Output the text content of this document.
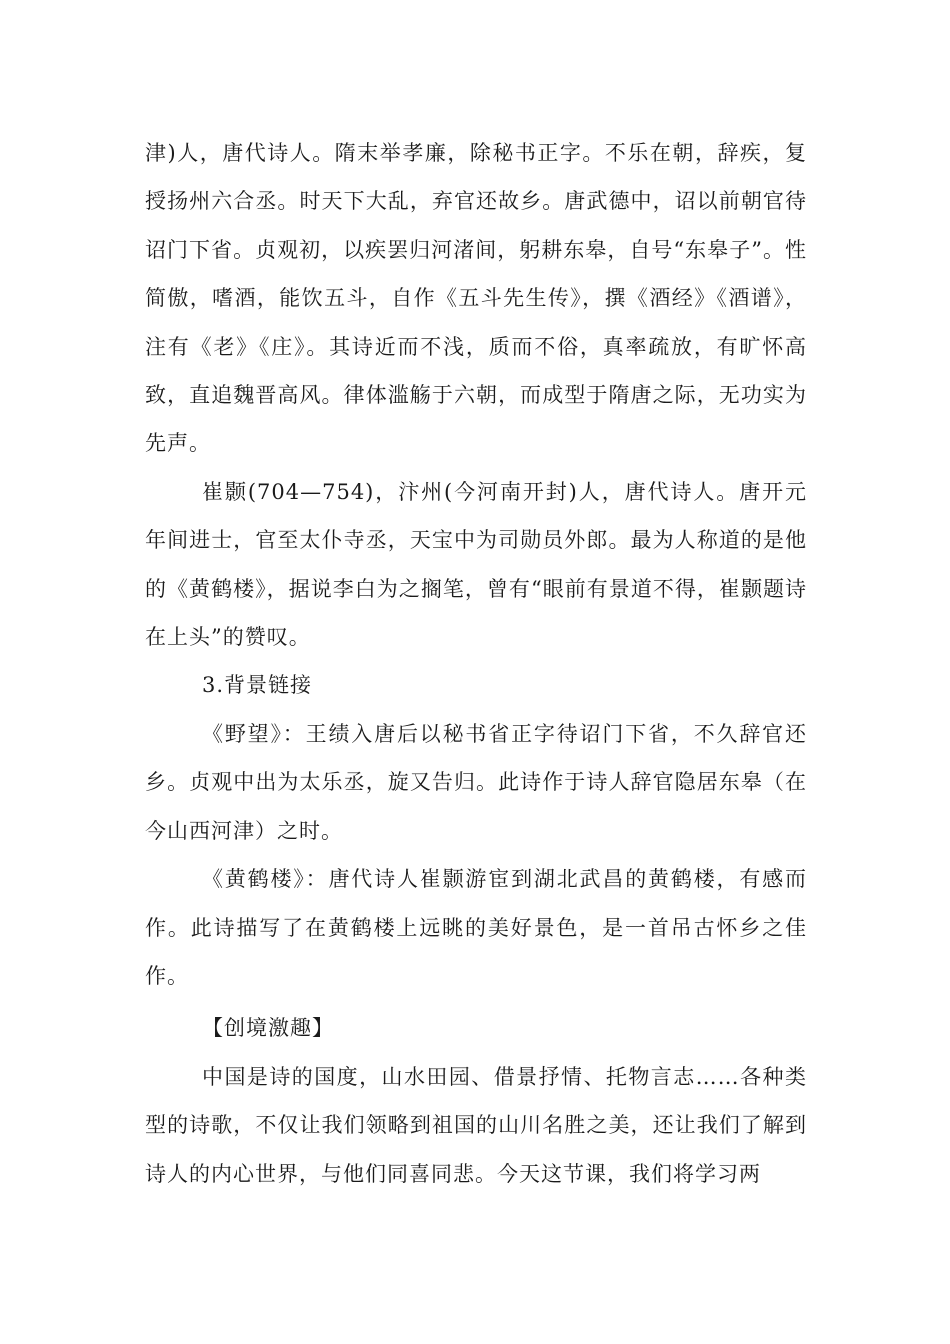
津)人，唐代诗人。隋末举孝廉，除秘书正字。不乐在朝，辞疾，复授扬州六合丞。时天下大乱，弃官还故乡。唐武德中，诏以前朝官待诏门下省。贞观初，以疾罢归河渚间，躬耕东皋，自号“东皋子”。性简傲，嗜酒，能饮五斗，自作《五斗先生传》，撰《酒经》《酒谱》，注有《老》《庄》。其诗近而不浅，质而不俗，真率疏放，有旷怀高致，直追魏晋高风。律体滥觞于六朝，而成型于隋唐之际，无功实为先声。

崔颢(704—754)，汴州(今河南开封)人，唐代诗人。唐开元年间进士，官至太仆寺丞，天宝中为司勋员外郎。最为人称道的是他的《黄鹤楼》，据说李白为之搁笔，曾有“眼前有景道不得，崔颢题诗在上头”的赞叹。

3.背景链接

《野望》：王绩入唐后以秘书省正字待诏门下省，不久辞官还乡。贞观中出为太乐丞，旋又告归。此诗作于诗人辞官隐居东皋（在今山西河津）之时。

《黄鹤楼》：唐代诗人崔颢游宦到湖北武昌的黄鹤楼，有感而作。此诗描写了在黄鹤楼上远眺的美好景色，是一首吊古怀乡之佳作。

【创境激趣】

中国是诗的国度，山水田园、借景抒情、托物言志……各种类型的诗歌，不仅让我们领略到祖国的山川名胜之美，还让我们了解到诗人的内心世界，与他们同喜同悲。今天这节课，我们将学习两
